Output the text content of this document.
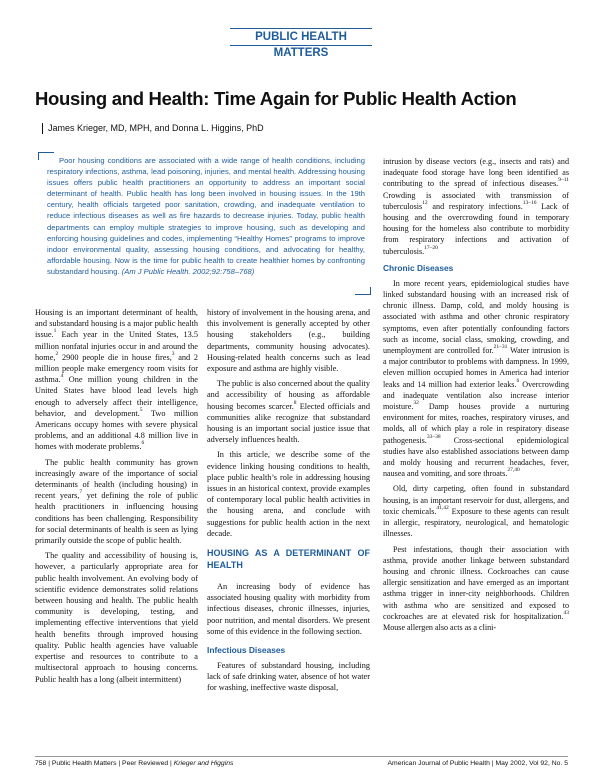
PUBLIC HEALTH MATTERS
Housing and Health: Time Again for Public Health Action
James Krieger, MD, MPH, and Donna L. Higgins, PhD
Poor housing conditions are associated with a wide range of health conditions, including respiratory infections, asthma, lead poisoning, injuries, and mental health. Addressing housing issues offers public health practitioners an opportunity to address an important social determinant of health. Public health has long been involved in housing issues. In the 19th century, health officials targeted poor sanitation, crowding, and inadequate ventilation to reduce infectious diseases as well as fire hazards to decrease injuries. Today, public health departments can employ multiple strategies to improve housing, such as developing and enforcing housing guidelines and codes, implementing “Healthy Homes” programs to improve indoor environmental quality, assessing housing conditions, and advocating for healthy, affordable housing. Now is the time for public health to create healthier homes by confronting substandard housing. (Am J Public Health. 2002;92:758–768)

Housing is an important determinant of health, and substandard housing is a major public health issue.$^1$ Each year in the United States, 13.5 million nonfatal injuries occur in and around the home,$^2$ 2900 people die in house fires,$^3$ and 2 million people make emergency room visits for asthma.$^4$ One million young children in the United States have blood lead levels high enough to adversely affect their intelligence, behavior, and development.$^5$ Two million Americans occupy homes with severe physical problems, and an additional 4.8 million live in homes with moderate problems.$^6$

The public health community has grown increasingly aware of the importance of social determinants of health (including housing) in recent years,$^7$ yet defining the role of public health practitioners in influencing housing conditions has been challenging. Responsibility for social determinants of health is seen as lying primarily outside the scope of public health.

The quality and accessibility of housing is, however, a particularly appropriate area for public health involvement. An evolving body of scientific evidence demonstrates solid relations between housing and health. The public health community is developing, testing, and implementing effective interventions that yield health benefits through improved housing quality. Public health agencies have valuable expertise and resources to contribute to a multisectoral approach to housing concerns. Public health has a long (albeit intermittent)

history of involvement in the housing arena, and this involvement is generally accepted by other housing stakeholders (e.g., building departments, community housing advocates). Housing-related health concerns such as lead exposure and asthma are highly visible.

The public is also concerned about the quality and accessibility of housing as affordable housing becomes scarcer.$^8$ Elected officials and communities alike recognize that substandard housing is an important social justice issue that adversely influences health.

In this article, we describe some of the evidence linking housing conditions to health, place public health’s role in addressing housing issues in an historical context, provide examples of contemporary local public health activities in the housing arena, and conclude with suggestions for public health action in the next decade.

HOUSING AS A DETERMINANT OF HEALTH

An increasing body of evidence has associated housing quality with morbidity from infectious diseases, chronic illnesses, injuries, poor nutrition, and mental disorders. We present some of this evidence in the following section.

Infectious Diseases

Features of substandard housing, including lack of safe drinking water, absence of hot water for washing, ineffective waste disposal,

intrusion by disease vectors (e.g., insects and rats) and inadequate food storage have long been identified as contributing to the spread of infectious diseases.$^{9-11}$ Crowding is associated with transmission of tuberculosis$^{12}$ and respiratory infections.$^{13-16}$ Lack of housing and the overcrowding found in temporary housing for the homeless also contribute to morbidity from respiratory infections and activation of tuberculosis.$^{17-20}$

Chronic Diseases

In more recent years, epidemiological studies have linked substandard housing with an increased risk of chronic illness. Damp, cold, and moldy housing is associated with asthma and other chronic respiratory symptoms, even after potentially confounding factors such as income, social class, smoking, crowding, and unemployment are controlled for.$^{21-31}$ Water intrusion is a major contributor to problems with dampness. In 1999, eleven million occupied homes in America had interior leaks and 14 million had exterior leaks.$^6$ Overcrowding and inadequate ventilation also increase interior moisture.$^{32}$ Damp houses provide a nurturing environment for mites, roaches, respiratory viruses, and molds, all of which play a role in respiratory disease pathogenesis.$^{33-38}$ Cross-sectional epidemiological studies have also established associations between damp and moldy housing and recurrent headaches, fever, nausea and vomiting, and sore throats.$^{27,40}$

Old, dirty carpeting, often found in substandard housing, is an important reservoir for dust, allergens, and toxic chemicals.$^{41,42}$ Exposure to these agents can result in allergic, respiratory, neurological, and hematologic illnesses.

Pest infestations, though their association with asthma, provide another linkage between substandard housing and chronic illness. Cockroaches can cause allergic sensitization and have emerged as an important asthma trigger in inner-city neighborhoods. Children with asthma who are sensitized and exposed to cockroaches are at elevated risk for hospitalization.$^{43}$ Mouse allergen also acts as a clini-

758 | Public Health Matters | Peer Reviewed | Krieger and Higgins	American Journal of Public Health | May 2002, Vol 92, No. 5
